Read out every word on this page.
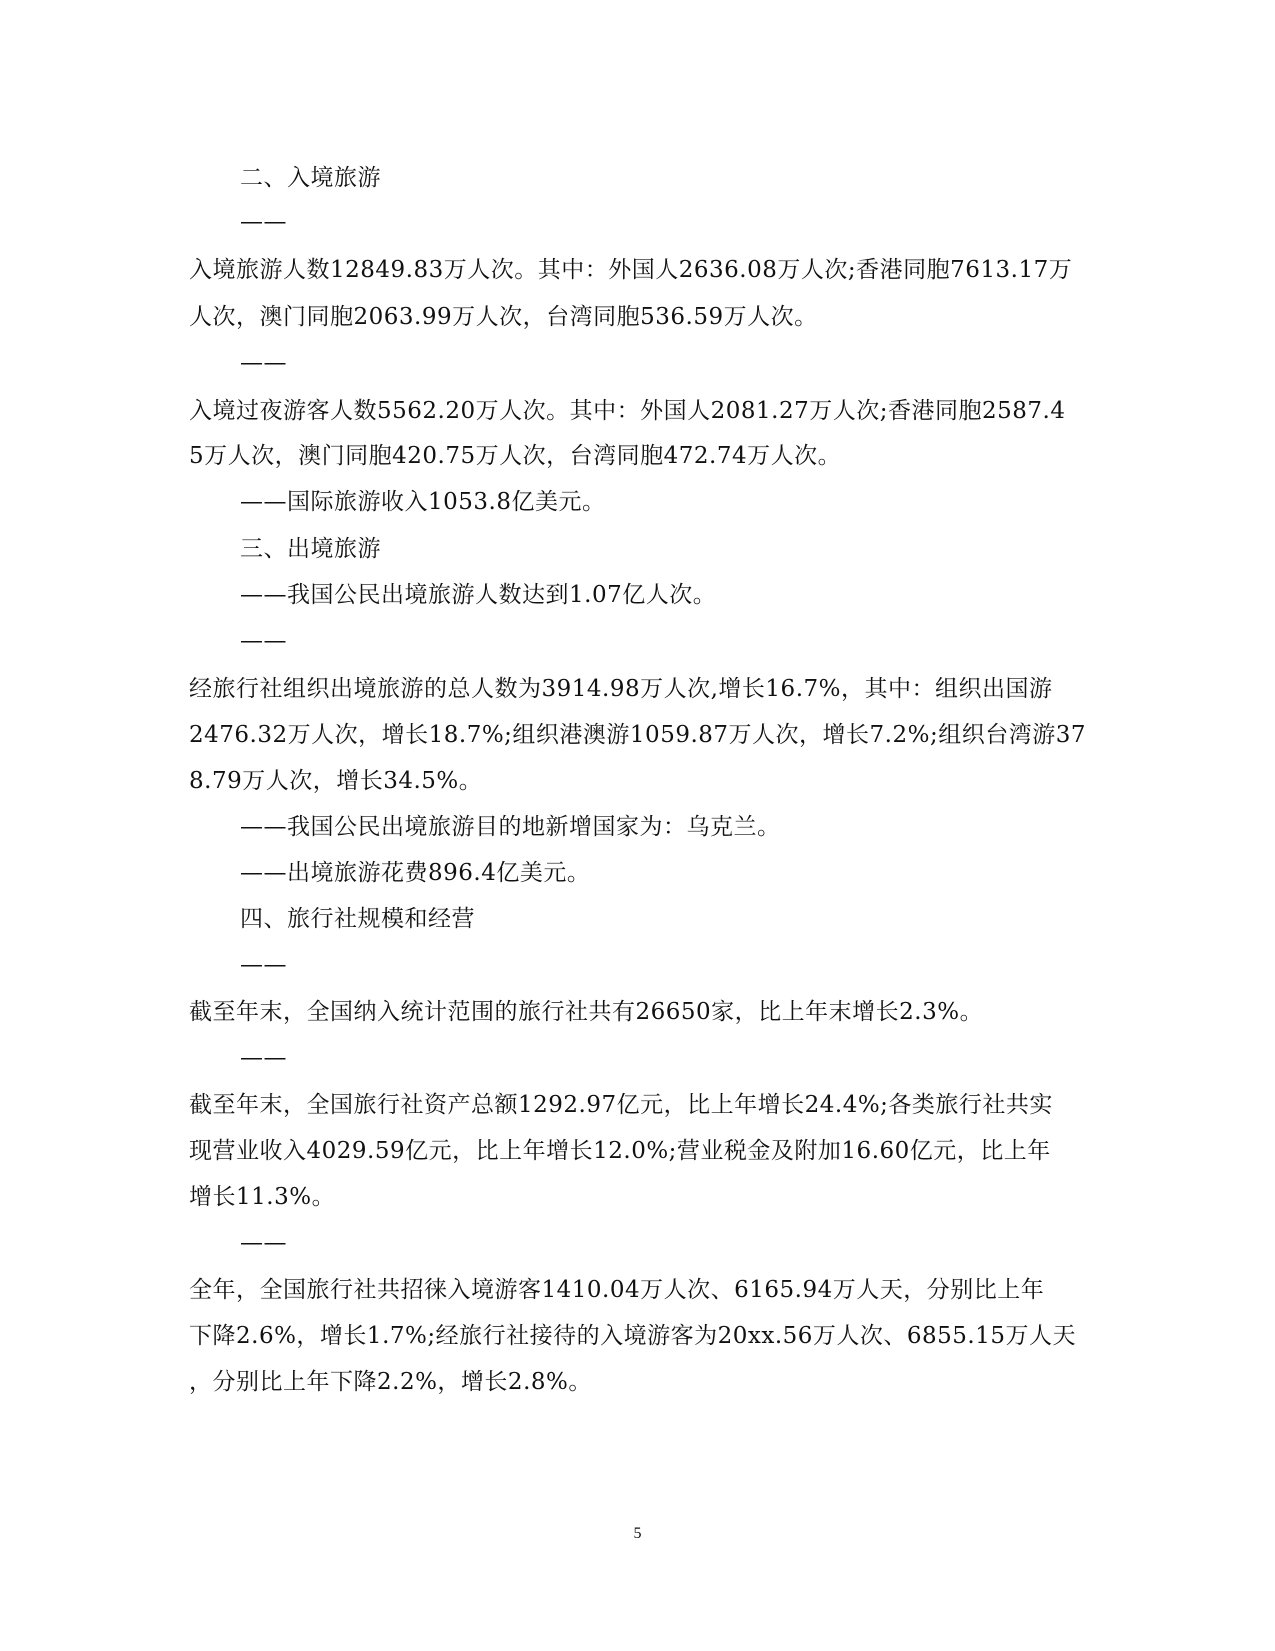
二、入境旅游
——
入境旅游人数12849.83万人次。其中：外国人2636.08万人次;香港同胞7613.17万
人次，澳门同胞2063.99万人次，台湾同胞536.59万人次。
——
入境过夜游客人数5562.20万人次。其中：外国人2081.27万人次;香港同胞2587.4
5万人次，澳门同胞420.75万人次，台湾同胞472.74万人次。
——国际旅游收入1053.8亿美元。
三、出境旅游
——我国公民出境旅游人数达到1.07亿人次。
——
经旅行社组织出境旅游的总人数为3914.98万人次,增长16.7%，其中：组织出国游
2476.32万人次，增长18.7%;组织港澳游1059.87万人次，增长7.2%;组织台湾游37
8.79万人次，增长34.5%。
——我国公民出境旅游目的地新增国家为：乌克兰。
——出境旅游花费896.4亿美元。
四、旅行社规模和经营
——
截至年末，全国纳入统计范围的旅行社共有26650家，比上年末增长2.3%。
——
截至年末，全国旅行社资产总额1292.97亿元，比上年增长24.4%;各类旅行社共实
现营业收入4029.59亿元，比上年增长12.0%;营业税金及附加16.60亿元，比上年
增长11.3%。
——
全年，全国旅行社共招徕入境游客1410.04万人次、6165.94万人天，分别比上年
下降2.6%，增长1.7%;经旅行社接待的入境游客为20xx.56万人次、6855.15万人天
，分别比上年下降2.2%，增长2.8%。
5
